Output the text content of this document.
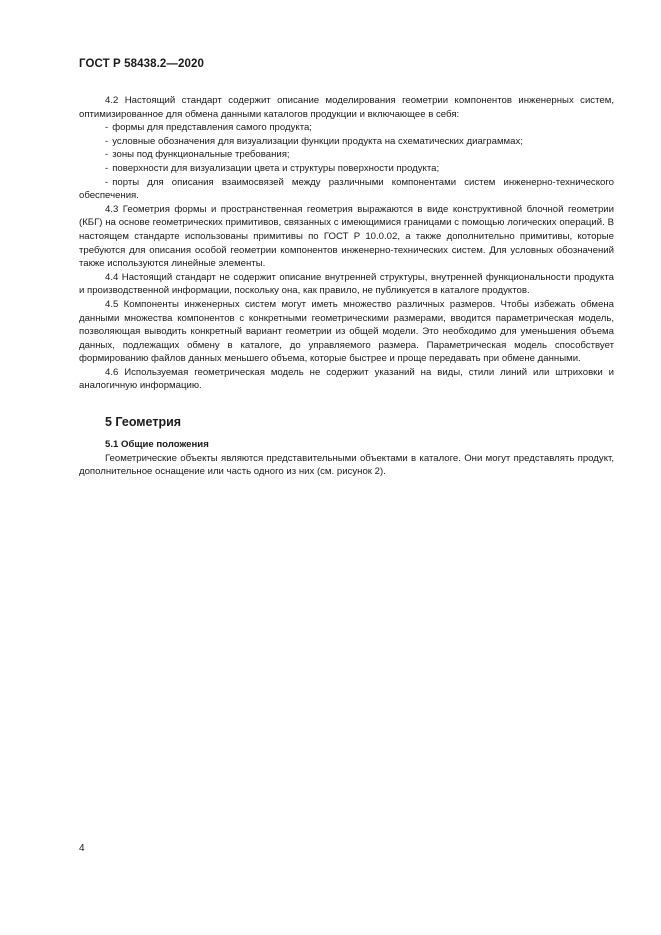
ГОСТ Р 58438.2—2020

4.2 Настоящий стандарт содержит описание моделирования геометрии компонентов инженерных систем, оптимизированное для обмена данными каталогов продукции и включающее в себя:

- формы для представления самого продукта;
- условные обозначения для визуализации функции продукта на схематических диаграммах;
- зоны под функциональные требования;
- поверхности для визуализации цвета и структуры поверхности продукта;
- порты для описания взаимосвязей между различными компонентами систем инженерно-технического обеспечения.

4.3 Геометрия формы и пространственная геометрия выражаются в виде конструктивной блочной геометрии (КБГ) на основе геометрических примитивов, связанных с имеющимися границами с помощью логических операций. В настоящем стандарте использованы примитивы по ГОСТ Р 10.0.02, а также дополнительно примитивы, которые требуются для описания особой геометрии компонентов инженерно-технических систем. Для условных обозначений также используются линейные элементы.

4.4 Настоящий стандарт не содержит описание внутренней структуры, внутренней функциональности продукта и производственной информации, поскольку она, как правило, не публикуется в каталоге продуктов.

4.5 Компоненты инженерных систем могут иметь множество различных размеров. Чтобы избежать обмена данными множества компонентов с конкретными геометрическими размерами, вводится параметрическая модель, позволяющая выводить конкретный вариант геометрии из общей модели. Это необходимо для уменьшения объема данных, подлежащих обмену в каталоге, до управляемого размера. Параметрическая модель способствует формированию файлов данных меньшего объема, которые быстрее и проще передавать при обмене данными.

4.6 Используемая геометрическая модель не содержит указаний на виды, стили линий или штриховки и аналогичную информацию.

5 Геометрия
5.1 Общие положения

Геометрические объекты являются представительными объектами в каталоге. Они могут представлять продукт, дополнительное оснащение или часть одного из них (см. рисунок 2).

4
